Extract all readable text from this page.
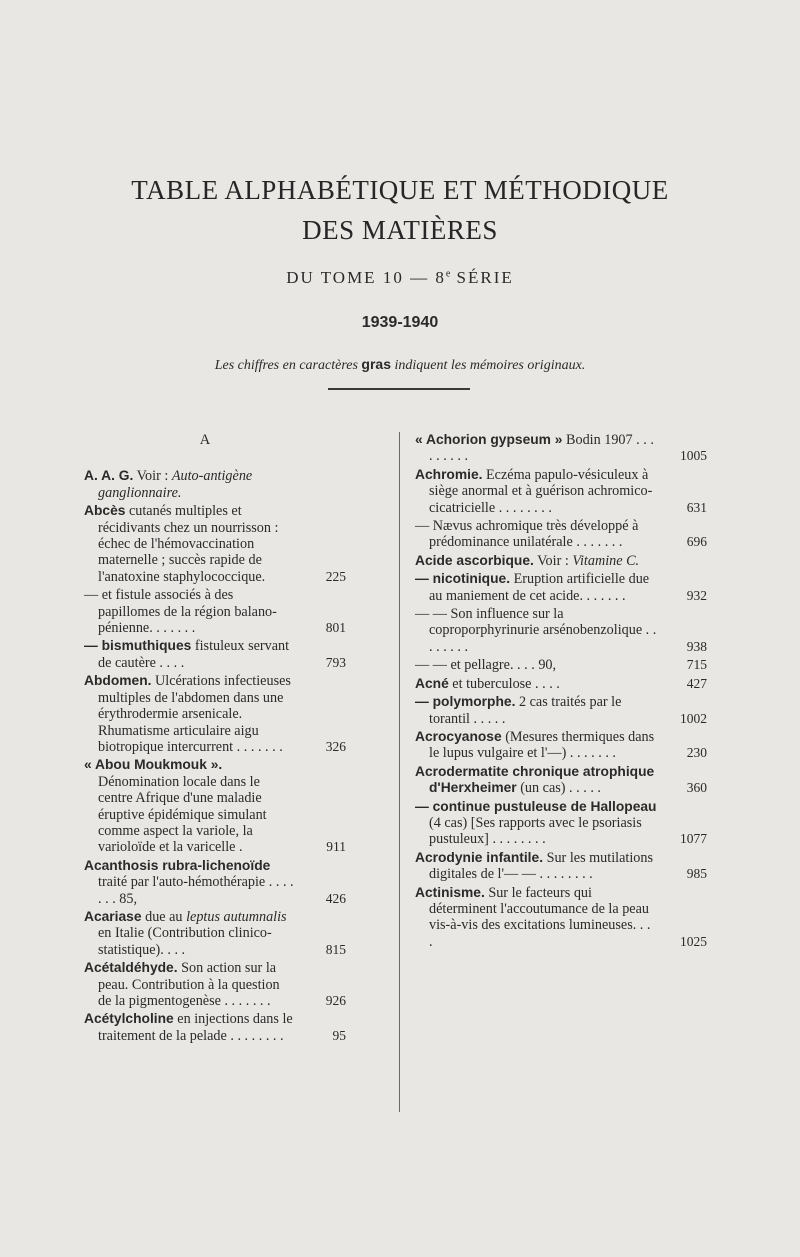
TABLE ALPHABÉTIQUE ET MÉTHODIQUE
DES MATIÈRES
DU TOME 10 — 8e SÉRIE
1939-1940
Les chiffres en caractères gras indiquent les mémoires originaux.
A
A. A. G. Voir : Auto-antigène ganglionnaire.
Abcès cutanés multiples et récidivants chez un nourrisson : échec de l'hémovaccination maternelle ; succès rapide de l'anatoxine staphylococcique.	225
— et fistule associés à des papillomes de la région balano-pénienne. . . . . . .	801
— bismuthiques fistuleux servant de cautère . . . .	793
Abdomen. Ulcérations infectieuses multiples de l'abdomen dans une érythrodermie arsenicale. Rhumatisme articulaire aigu biotropique intercurrent . . . . . . .	326
« Abou Moukmouk ». Dénomination locale dans le centre Afrique d'une maladie éruptive épidémique simulant comme aspect la variole, la varioloïde et la varicelle .	911
Acanthosis rubra-lichenoïde traité par l'auto-hémothérapie . . . . . . . 85,	426
Acariase due au leptus autumnalis en Italie (Contribution clinico-statistique). . . .	815
Acétaldéhyde. Son action sur la peau. Contribution à la question de la pigmentogenèse . . . . . . .	926
Acétylcholine en injections dans le traitement de la pelade . . . . . . . .	95
« Achorion gypseum » Bodin 1907 . . . . . . . . .	1005
Achromie. Eczéma papulo-vésiculeux à siège anormal et à guérison achromico-cicatricielle . . . . . . . .	631
— Nævus achromique très développé à prédominance unilatérale . . . . . . .	696
Acide ascorbique. Voir : Vitamine C.
— nicotinique. Eruption artificielle due au maniement de cet acide. . . . . . .	932
— — Son influence sur la coproporphyrinurie arsénobenzolique . . . . . . . .	938
— — et pellagre. . . . 90,	715
Acné et tuberculose . . . .	427
— polymorphe. 2 cas traités par le torantil . . . . .	1002
Acrocyanose (Mesures thermiques dans le lupus vulgaire et l'—) . . . . . . .	230
Acrodermatite chronique atrophique d'Herxheimer (un cas) . . . . .	360
— continue pustuleuse de Hallopeau (4 cas) [Ses rapports avec le psoriasis pustuleux] . . . . . . . .	1077
Acrodynie infantile. Sur les mutilations digitales de l'— — . . . . . . . .	985
Actinisme. Sur le facteurs qui déterminent l'accoutumance de la peau vis-à-vis des excitations lumineuses. . . .	1025
